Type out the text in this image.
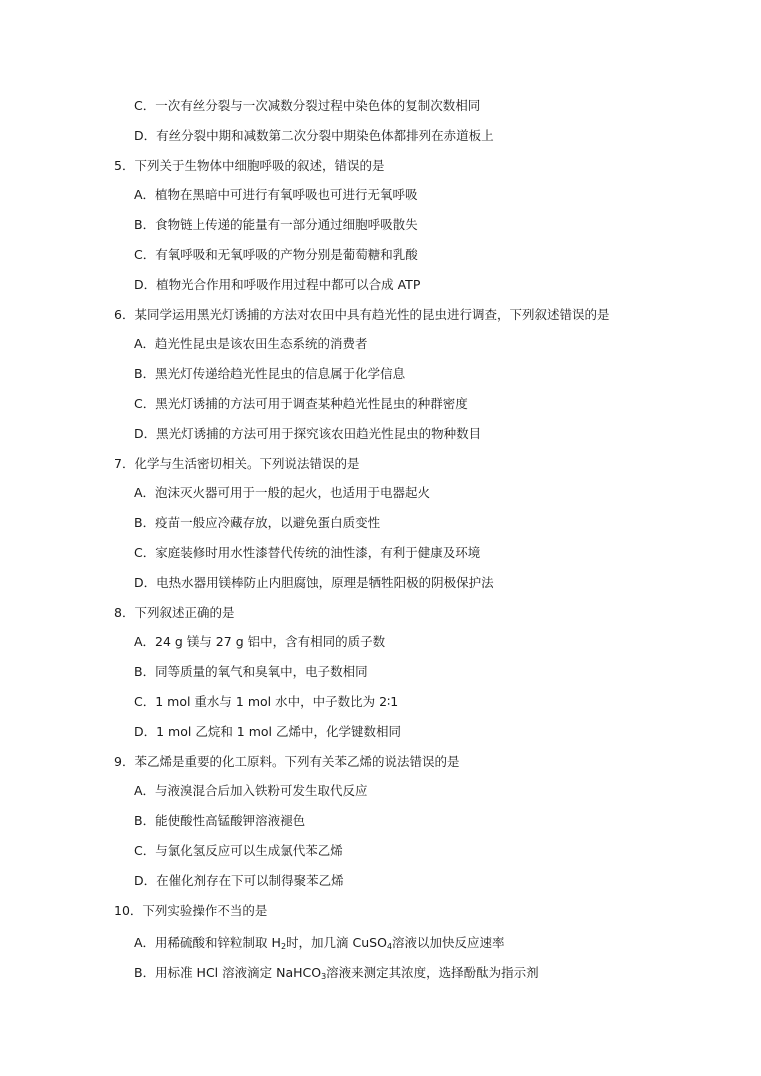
C．一次有丝分裂与一次减数分裂过程中染色体的复制次数相同
D．有丝分裂中期和减数第二次分裂中期染色体都排列在赤道板上
5．下列关于生物体中细胞呼吸的叙述，错误的是
A．植物在黑暗中可进行有氧呼吸也可进行无氧呼吸
B．食物链上传递的能量有一部分通过细胞呼吸散失
C．有氧呼吸和无氧呼吸的产物分别是葡萄糖和乳酸
D．植物光合作用和呼吸作用过程中都可以合成 ATP
6．某同学运用黑光灯诱捕的方法对农田中具有趋光性的昆虫进行调查，下列叙述错误的是
A．趋光性昆虫是该农田生态系统的消费者
B．黑光灯传递给趋光性昆虫的信息属于化学信息
C．黑光灯诱捕的方法可用于调查某种趋光性昆虫的种群密度
D．黑光灯诱捕的方法可用于探究该农田趋光性昆虫的物种数目
7．化学与生活密切相关。下列说法错误的是
A．泡沫灭火器可用于一般的起火，也适用于电器起火
B．疫苗一般应冷藏存放，以避免蛋白质变性
C．家庭装修时用水性漆替代传统的油性漆，有利于健康及环境
D．电热水器用镁棒防止内胆腐蚀，原理是牺牲阳极的阴极保护法
8．下列叙述正确的是
A．24 g 镁与 27 g 铝中，含有相同的质子数
B．同等质量的氧气和臭氧中，电子数相同
C．1 mol 重水与 1 mol 水中，中子数比为 2∶1
D．1 mol 乙烷和 1 mol 乙烯中，化学键数相同
9．苯乙烯是重要的化工原料。下列有关苯乙烯的说法错误的是
A．与液溴混合后加入铁粉可发生取代反应
B．能使酸性高锰酸钾溶液褪色
C．与氯化氢反应可以生成氯代苯乙烯
D．在催化剂存在下可以制得聚苯乙烯
10．下列实验操作不当的是
A．用稀硫酸和锌粒制取 $H_2$时，加几滴 CuSO$_4$溶液以加快反应速率
B．用标准 HCl 溶液滴定 NaHCO$_3$溶液来测定其浓度，选择酚酞为指示剂
